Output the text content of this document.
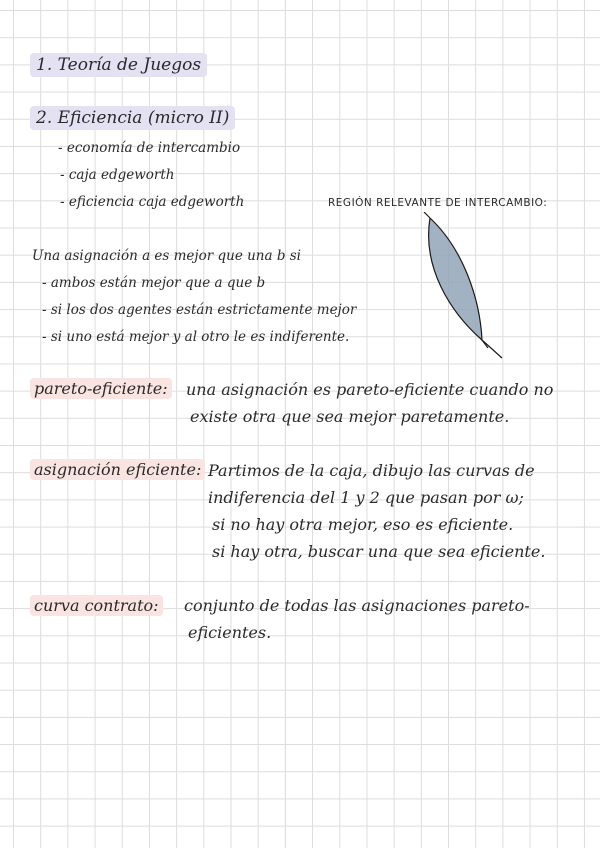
1. Teoría de Juegos
2. Eficiencia (micro II)
- economía de intercambio
- caja edgeworth
- eficiencia caja edgeworth	REGIÓN RELEVANTE DE INTERCAMBIO:
Una asignación a es mejor que una b si
- ambos están mejor que a que b
- si los dos agentes están estrictamente mejor
- si uno está mejor y al otro le es indiferente.
pareto-eficiente: una asignación es pareto-eficiente cuando no
existe otra que sea mejor paretamente.
asignación eficiente: Partimos de la caja, dibujo las curvas de
indiferencia del 1 y 2 que pasan por ω;
si no hay otra mejor, eso es eficiente.
si hay otra, buscar una que sea eficiente.
curva contrato: conjunto de todas las asignaciones pareto-
eficientes.
